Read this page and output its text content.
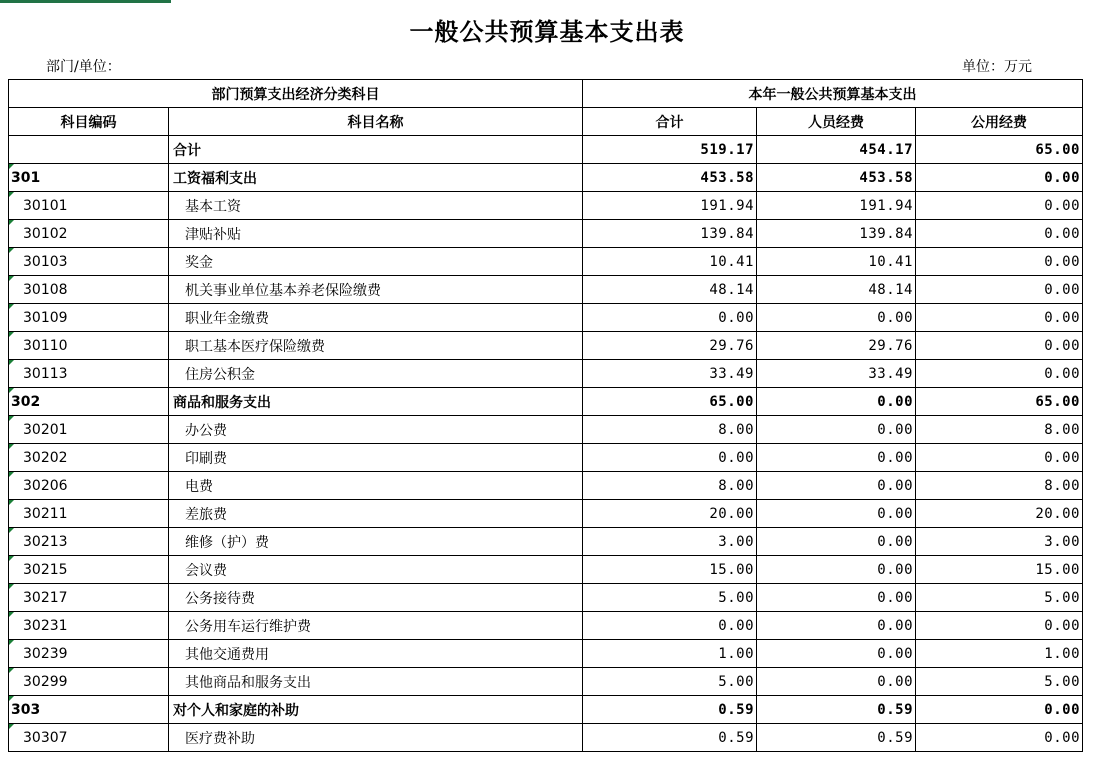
一般公共预算基本支出表
部门/单位：	单位：万元
部门预算支出经济分类科目		本年一般公共预算基本支出		
科目编码	科目名称	合计	人员经费	公用经费
	合计	519.17	454.17	65.00
301	工资福利支出	453.58	453.58	0.00
30101	基本工资	191.94	191.94	0.00
30102	津贴补贴	139.84	139.84	0.00
30103	奖金	10.41	10.41	0.00
30108	机关事业单位基本养老保险缴费	48.14	48.14	0.00
30109	职业年金缴费	0.00	0.00	0.00
30110	职工基本医疗保险缴费	29.76	29.76	0.00
30113	住房公积金	33.49	33.49	0.00
302	商品和服务支出	65.00	0.00	65.00
30201	办公费	8.00	0.00	8.00
30202	印刷费	0.00	0.00	0.00
30206	电费	8.00	0.00	8.00
30211	差旅费	20.00	0.00	20.00
30213	维修（护）费	3.00	0.00	3.00
30215	会议费	15.00	0.00	15.00
30217	公务接待费	5.00	0.00	5.00
30231	公务用车运行维护费	0.00	0.00	0.00
30239	其他交通费用	1.00	0.00	1.00
30299	其他商品和服务支出	5.00	0.00	5.00
303	对个人和家庭的补助	0.59	0.59	0.00
30307	医疗费补助	0.59	0.59	0.00
